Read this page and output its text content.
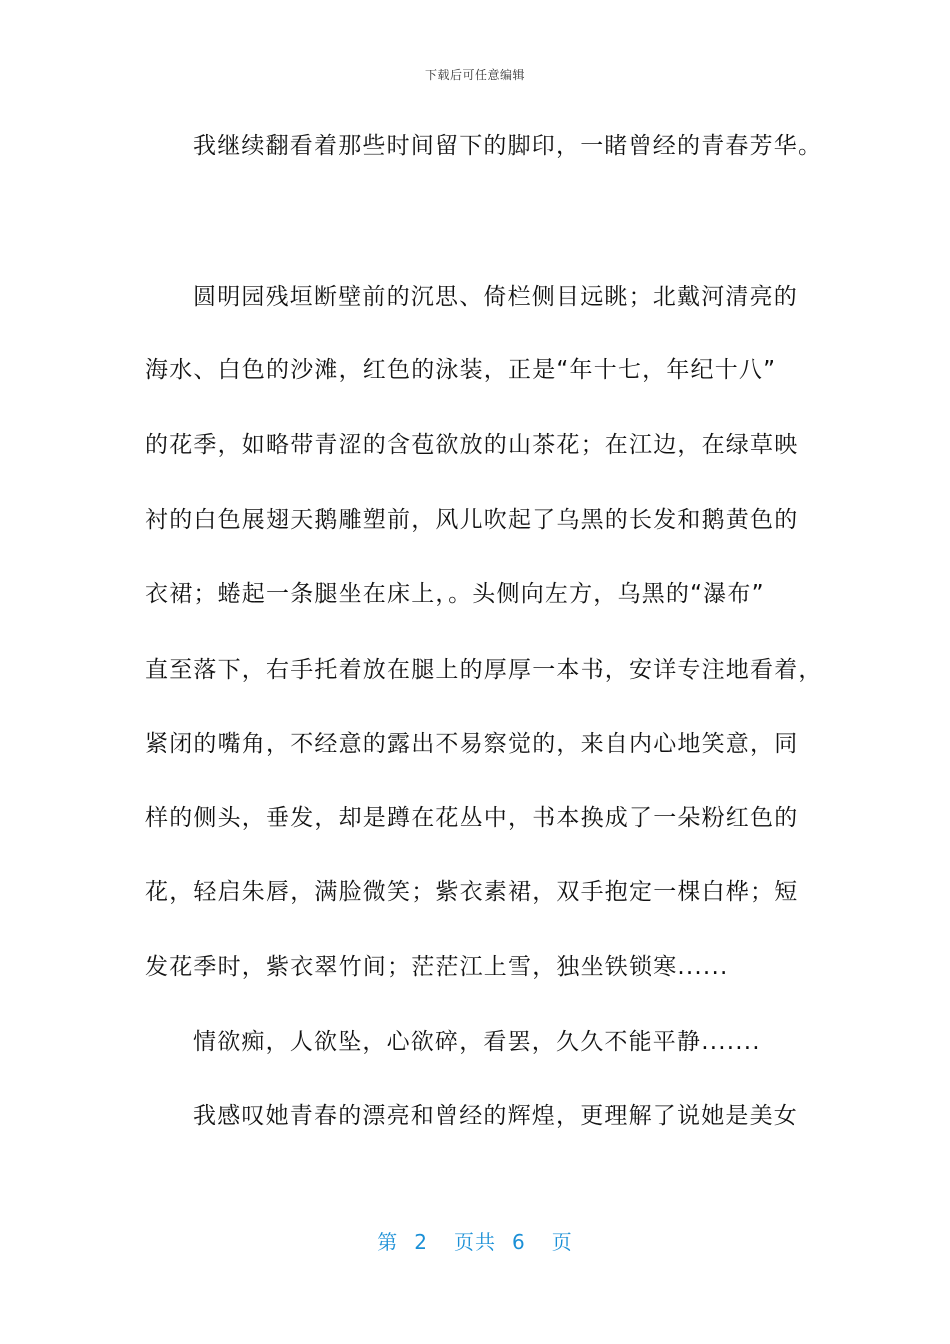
下载后可任意编辑
我继续翻看着那些时间留下的脚印，一睹曾经的青春芳华。
圆明园残垣断壁前的沉思、倚栏侧目远眺；北戴河清亮的
海水、白色的沙滩，红色的泳装，正是“年十七，年纪十八”
的花季，如略带青涩的含苞欲放的山茶花；在江边，在绿草映
衬的白色展翅天鹅雕塑前，风儿吹起了乌黑的长发和鹅黄色的
衣裙；蜷起一条腿坐在床上，。头侧向左方，乌黑的“瀑布”
直至落下，右手托着放在腿上的厚厚一本书，安详专注地看着，
紧闭的嘴角，不经意的露出不易察觉的，来自内心地笑意，同
样的侧头，垂发，却是蹲在花丛中，书本换成了一朵粉红色的
花，轻启朱唇，满脸微笑；紫衣素裙，双手抱定一棵白桦；短
发花季时，紫衣翠竹间；茫茫江上雪，独坐铁锁寒......
情欲痴，人欲坠，心欲碎，看罢，久久不能平静.......
我感叹她青春的漂亮和曾经的辉煌，更理解了说她是美女
第 2 页共 6 页
